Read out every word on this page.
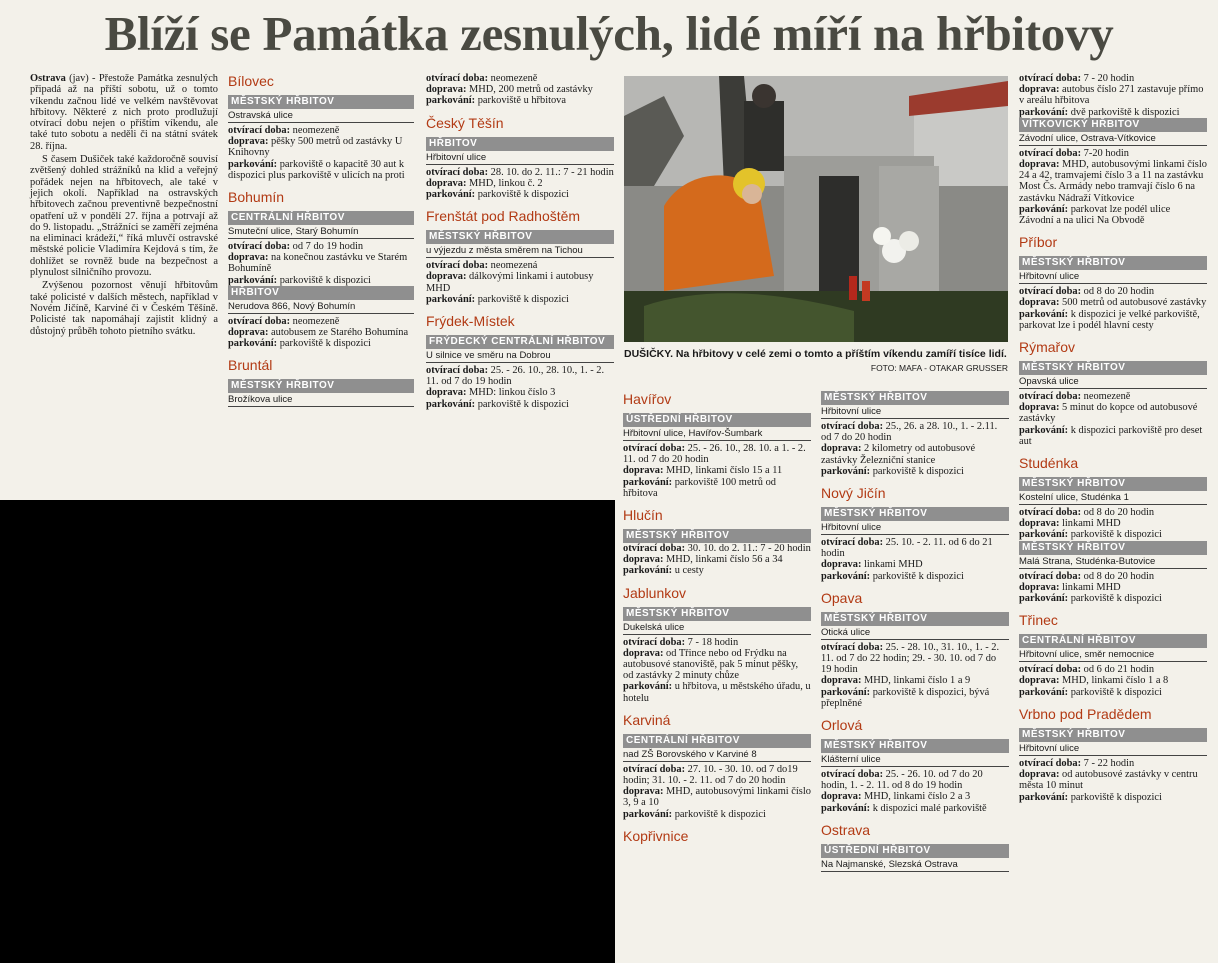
Blíží se Památka zesnulých, lidé míří na hřbitovy

Ostrava (jav) - Přestože Památka zesnulých připadá až na příští sobotu, už o tomto víkendu začnou lidé ve velkém navštěvovat hřbitovy. Některé z nich proto prodlužují otvírací dobu nejen o příštím víkendu, ale také tuto sobotu a neděli či na státní svátek 28. října.

S časem Dušiček také každoročně souvisí zvětšený dohled strážníků na klid a veřejný pořádek nejen na hřbitovech, ale také v jejich okolí. Například na ostravských hřbitovech začnou preventivně bezpečnostní opatření už v pondělí 27. října a potrvají až do 9. listopadu. „Strážníci se zaměří zejména na eliminaci krádeží,“ říká mluvčí ostravské městské policie Vladimíra Kejdová s tím, že dohlížet se rovněž bude na bezpečnost a plynulost silničního provozu.

Zvýšenou pozornost věnují hřbitovům také policisté v dalších městech, například v Novém Jičíně, Karviné či v Českém Těšíně. Policisté tak napomáhají zajistit klidný a důstojný průběh tohoto pietního svátku.

Bílovec
MĚSTSKÝ HŘBITOV
Ostravská ulice

otvírací doba: neomezeně

doprava: pěšky 500 metrů od zastávky U Knihovny

parkování: parkoviště o kapacitě 30 aut k dispozici plus parkoviště v ulicích na proti

Bohumín
CENTRÁLNÍ HŘBITOV
Smuteční ulice, Starý Bohumín

otvírací doba: od 7 do 19 hodin

doprava: na konečnou zastávku ve Starém Bohumíně

parkování: parkoviště k dispozici

HŘBITOV
Nerudova 866, Nový Bohumín

otvírací doba: neomezeně

doprava: autobusem ze Starého Bohumína

parkování: parkoviště k dispozici

Bruntál
MĚSTSKÝ HŘBITOV
Brožíkova ulice

otvírací doba: neomezeně

doprava: MHD, 200 metrů od zastávky

parkování: parkoviště u hřbitova

Český Těšín
HŘBITOV
Hřbitovní ulice

otvírací doba: 28. 10. do 2. 11.: 7 - 21 hodin

doprava: MHD, linkou č. 2

parkování: parkoviště k dispozici

Frenštát pod Radhoštěm
MĚSTSKÝ HŘBITOV
u výjezdu z města směrem na Tichou

otvírací doba: neomezená

doprava: dálkovými linkami i autobusy MHD

parkování: parkoviště k dispozici

Frýdek-Místek
FRÝDECKÝ CENTRÁLNÍ HŘBITOV
U silnice ve směru na Dobrou

otvírací doba: 25. - 26. 10., 28. 10., 1. - 2. 11. od 7 do 19 hodin

doprava: MHD: linkou číslo 3

parkování: parkoviště k dispozici	Havířov
ÚSTŘEDNÍ HŘBITOV
Hřbitovní ulice, Havířov-Šumbark

otvírací doba: 25. - 26. 10., 28. 10. a 1. - 2. 11. od 7 do 20 hodin

doprava: MHD, linkami číslo 15 a 11

parkování: parkoviště 100 metrů od hřbitova

Hlučín
MĚSTSKÝ HŘBITOV

otvírací doba: 30. 10. do 2. 11.: 7 - 20 hodin

doprava: MHD, linkami číslo 56 a 34

parkování: u cesty

Jablunkov
MĚSTSKÝ HŘBITOV
Dukelská ulice

otvírací doba: 7 - 18 hodin

doprava: od Třince nebo od Frýdku na autobusové stanoviště, pak 5 minut pěšky, od zastávky 2 minuty chůze

parkování: u hřbitova, u městského úřadu, u hotelu

Karviná
CENTRÁLNÍ HŘBITOV
nad ZŠ Borovského v Karviné 8

otvírací doba: 27. 10. - 30. 10. od 7 do19 hodin; 31. 10. - 2. 11. od 7 do 20 hodin

doprava: MHD, autobusovými linkami číslo 3, 9 a 10

parkování: parkoviště k dispozici

Kopřivnice
MĚSTSKÝ HŘBITOV
Hřbitovní ulice

otvírací doba: 25., 26. a 28. 10., 1. - 2.11. od 7 do 20 hodin

doprava: 2 kilometry od autobusové zastávky Železniční stanice

parkování: parkoviště k dispozici

Nový Jičín
MĚSTSKÝ HŘBITOV
Hřbitovní ulice

otvírací doba: 25. 10. - 2. 11. od 6 do 21 hodin

doprava: linkami MHD

parkování: parkoviště k dispozici

Opava
MĚSTSKÝ HŘBITOV
Otická ulice

otvírací doba: 25. - 28. 10., 31. 10., 1. - 2. 11. od 7 do 22 hodin; 29. - 30. 10. od 7 do 19 hodin

doprava: MHD, linkami číslo 1 a 9

parkování: parkoviště k dispozici, bývá přeplněné

Orlová
MĚSTSKÝ HŘBITOV
Klášterní ulice

otvírací doba: 25. - 26. 10. od 7 do 20 hodin, 1. - 2. 11. od 8 do 19 hodin

doprava: MHD, linkami číslo 2 a 3

parkování: k dispozici malé parkoviště

Ostrava
ÚSTŘEDNÍ HŘBITOV
Na Najmanské, Slezská Ostrava

otvírací doba: 7 - 20 hodin

doprava: autobus číslo 271 zastavuje přímo v areálu hřbitova

parkování: dvě parkoviště k dispozici

VÍTKOVICKÝ HŘBITOV
Závodní ulice, Ostrava-Vítkovice

otvírací doba: 7-20 hodin

doprava: MHD, autobusovými linkami číslo 24 a 42, tramvajemi číslo 3 a 11 na zastávku Most Čs. Armády nebo tramvají číslo 6 na zastávku Nádraží Vítkovice

parkování: parkovat lze podél ulice Závodní a na ulici Na Obvodě

Příbor
MĚSTSKÝ HŘBITOV
Hřbitovní ulice

otvírací doba: od 8 do 20 hodin

doprava: 500 metrů od autobusové zastávky

parkování: k dispozici je velké parkoviště, parkovat lze i podél hlavní cesty

Rýmařov
MĚSTSKÝ HŘBITOV
Opavská ulice

otvírací doba: neomezeně

doprava: 5 minut do kopce od autobusové zastávky

parkování: k dispozici parkoviště pro deset aut

Studénka
MĚSTSKÝ HŘBITOV
Kostelní ulice, Studénka 1

otvírací doba: od 8 do 20 hodin

doprava: linkami MHD

parkování: parkoviště k dispozici

MĚSTSKÝ HŘBITOV
Malá Strana, Studénka-Butovice

otvírací doba: od 8 do 20 hodin

doprava: linkami MHD

parkování: parkoviště k dispozici

Třinec
CENTRÁLNÍ HŘBITOV
Hřbitovní ulice, směr nemocnice

otvírací doba: od 6 do 21 hodin

doprava: MHD, linkami číslo 1 a 8

parkování: parkoviště k dispozici

Vrbno pod Pradědem
MĚSTSKÝ HŘBITOV
Hřbitovní ulice

otvírací doba: 7 - 22 hodin

doprava: od autobusové zastávky v centru města 10 minut

parkování: parkoviště k dispozici

DUŠIČKY. Na hřbitovy v celé zemi o tomto a příštím víkendu zamíří tisíce lidí.
FOTO: MAFA - OTAKAR GRUSSER
